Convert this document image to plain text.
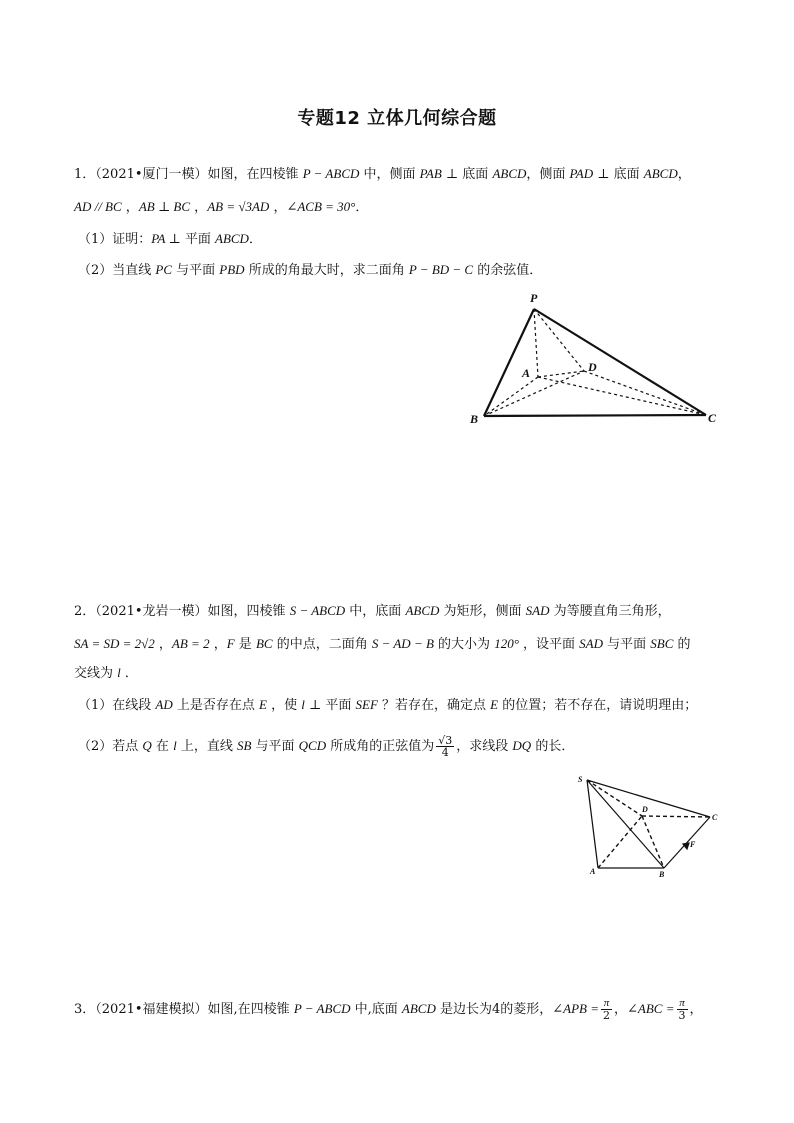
专题12 立体几何综合题
1．（2021•厦门一模）如图，在四棱锥 P − ABCD 中，侧面 PAB ⊥ 底面 ABCD，侧面 PAD ⊥ 底面 ABCD，
AD // BC ，AB ⊥ BC ，AB = √3AD ，∠ACB = 30°．
（1）证明：PA ⊥ 平面 ABCD．
（2）当直线 PC 与平面 PBD 所成的角最大时，求二面角 P − BD − C 的余弦值．
P
A	D
B	C
2．（2021•龙岩一模）如图，四棱锥 S − ABCD 中，底面 ABCD 为矩形，侧面 SAD 为等腰直角三角形，
SA = SD = 2√2 ，AB = 2 ，F 是 BC 的中点，二面角 S − AD − B 的大小为 120° ，设平面 SAD 与平面 SBC 的
交线为 l ．
（1）在线段 AD 上是否存在点 E ，使 l ⊥ 平面 SEF ？若存在，确定点 E 的位置；若不存在，请说明理由；
（2）若点 Q 在 l 上，直线 SB 与平面 QCD 所成角的正弦值为 $\frac{√3}{4}$ ，求线段 DQ 的长．
S
D
C
F
A	B
3．（2021•福建模拟）如图,在四棱锥 P − ABCD 中,底面 ABCD 是边长为4的菱形，∠APB = $\frac{\pi}{2}$ ，∠ABC = $\frac{\pi}{3}$ ，
